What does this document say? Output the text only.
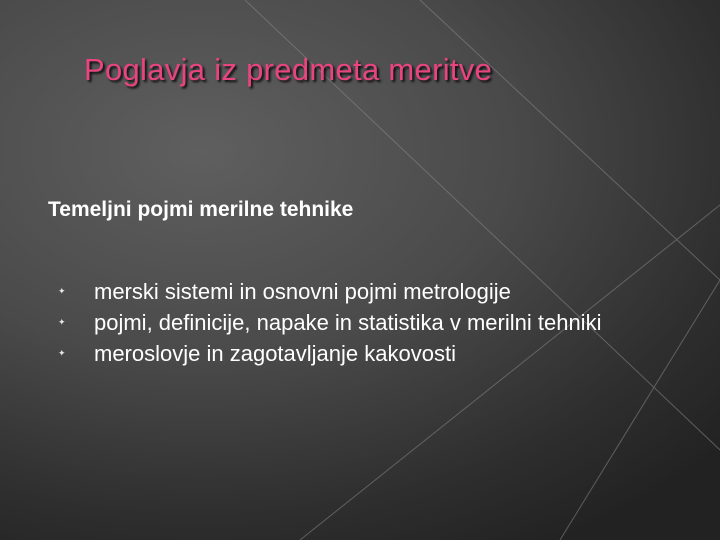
Poglavja iz predmeta meritve
Temeljni pojmi merilne tehnike
✦ merski sistemi in osnovni pojmi metrologije
✦ pojmi, definicije, napake in statistika v merilni tehniki
✦ meroslovje in zagotavljanje kakovosti
